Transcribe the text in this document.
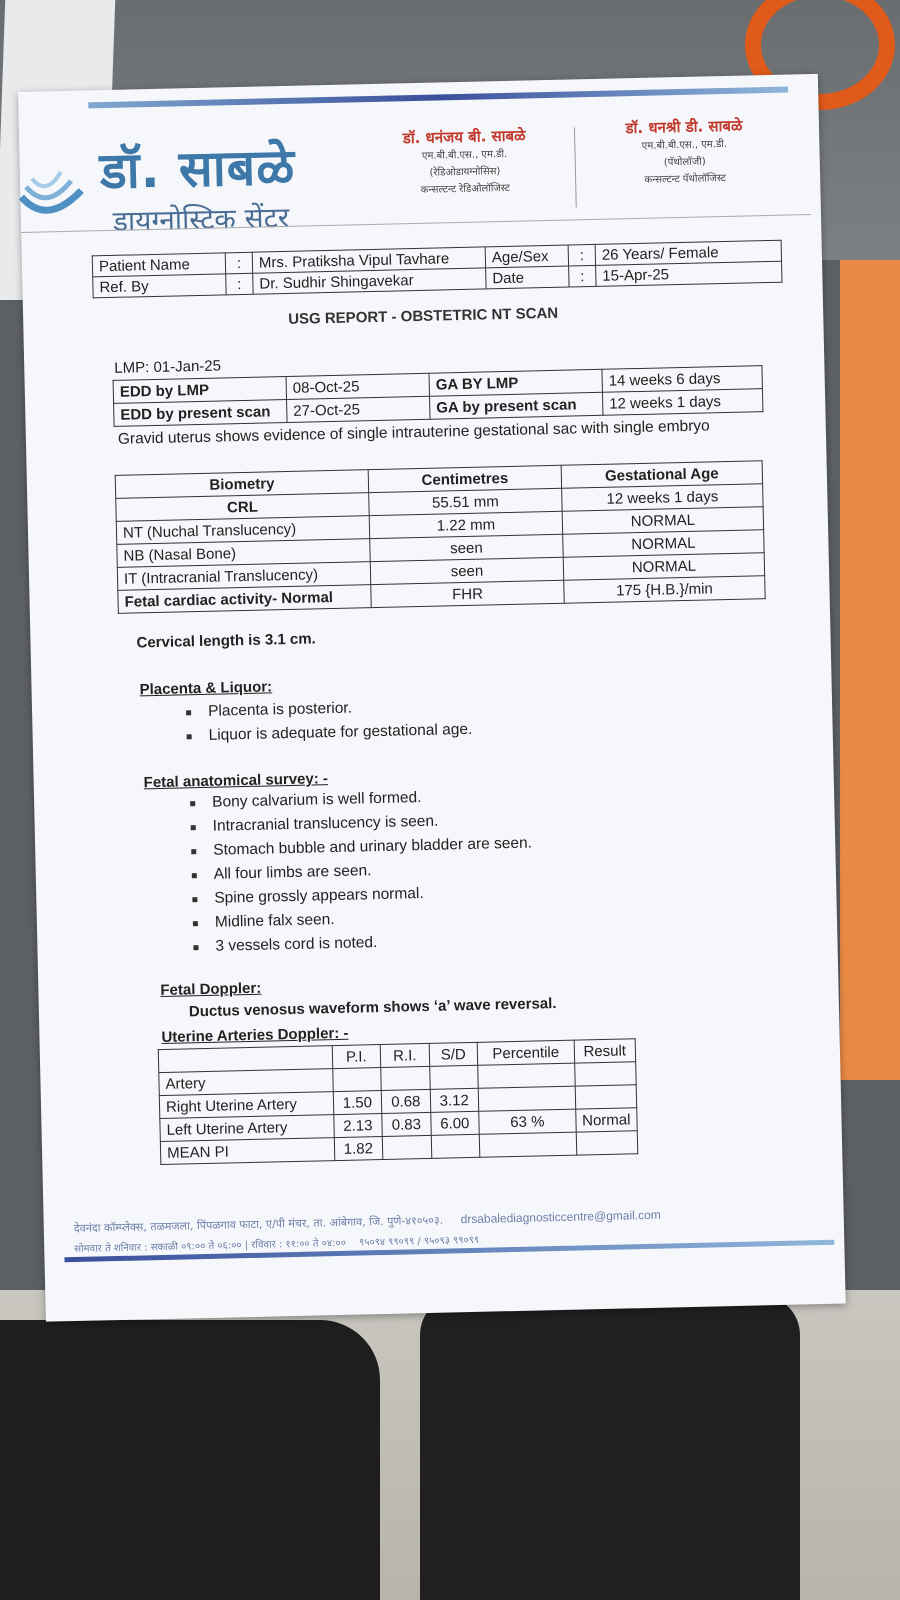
डॉ. साबळे
डायग्नोस्टिक सेंटर
डॉ. धनंजय बी. साबळे
एम.बी.बी.एस., एम.डी.
(रेडिओडायग्नोसिस)
कन्सल्टन्ट रेडिओलॉजिस्ट
डॉ. धनश्री डी. साबळे
एम.बी.बी.एस., एम.डी.
(पॅथोलॉजी)
कन्सल्टन्ट पॅथोलॉजिस्ट
Patient Name	:	Mrs. Pratiksha Vipul Tavhare	Age/Sex	:	26 Years/ Female
Ref. By	:	Dr. Sudhir Shingavekar	Date	:	15-Apr-25
USG REPORT - OBSTETRIC NT SCAN
LMP: 01-Jan-25
EDD by LMP	08-Oct-25	GA BY LMP	14 weeks 6 days
EDD by present scan	27-Oct-25	GA by present scan	12 weeks 1 days
Gravid uterus shows evidence of single intrauterine gestational sac with single embryo
Biometry	Centimetres	Gestational Age
CRL	55.51 mm	12 weeks 1 days
NT (Nuchal Translucency)	1.22 mm	NORMAL
NB (Nasal Bone)	seen	NORMAL
IT (Intracranial Translucency)	seen	NORMAL
Fetal cardiac activity- Normal	FHR	175 {H.B.}/min
Cervical length is 3.1 cm.
Placenta & Liquor:
Placenta is posterior.
Liquor is adequate for gestational age.
Fetal anatomical survey: -
Bony calvarium is well formed.
Intracranial translucency is seen.
Stomach bubble and urinary bladder are seen.
All four limbs are seen.
Spine grossly appears normal.
Midline falx seen.
3 vessels cord is noted.
Fetal Doppler:
Ductus venosus waveform shows ‘a’ wave reversal.
Uterine Arteries Doppler: -
	P.I.	R.I.	S/D	Percentile	Result
Artery					
Right Uterine Artery	1.50	0.68	3.12		
Left Uterine Artery	2.13	0.83	6.00	63 %	Normal
MEAN PI	1.82				
देवनंदा कॉम्प्लेक्स, तळमजला, पिंपळगाव फाटा, ए/पी मंचर, ता. आंबेगाव, जि. पुणे-४१०५०३. drsabalediagnosticcentre@gmail.com
सोमवार ते शनिवार : सकाळी ०९:०० ते ०६:०० | रविवार : ११:०० ते ०४:०० ९५०९४ ९९०९९ / ९५०९३ ९९०९९
